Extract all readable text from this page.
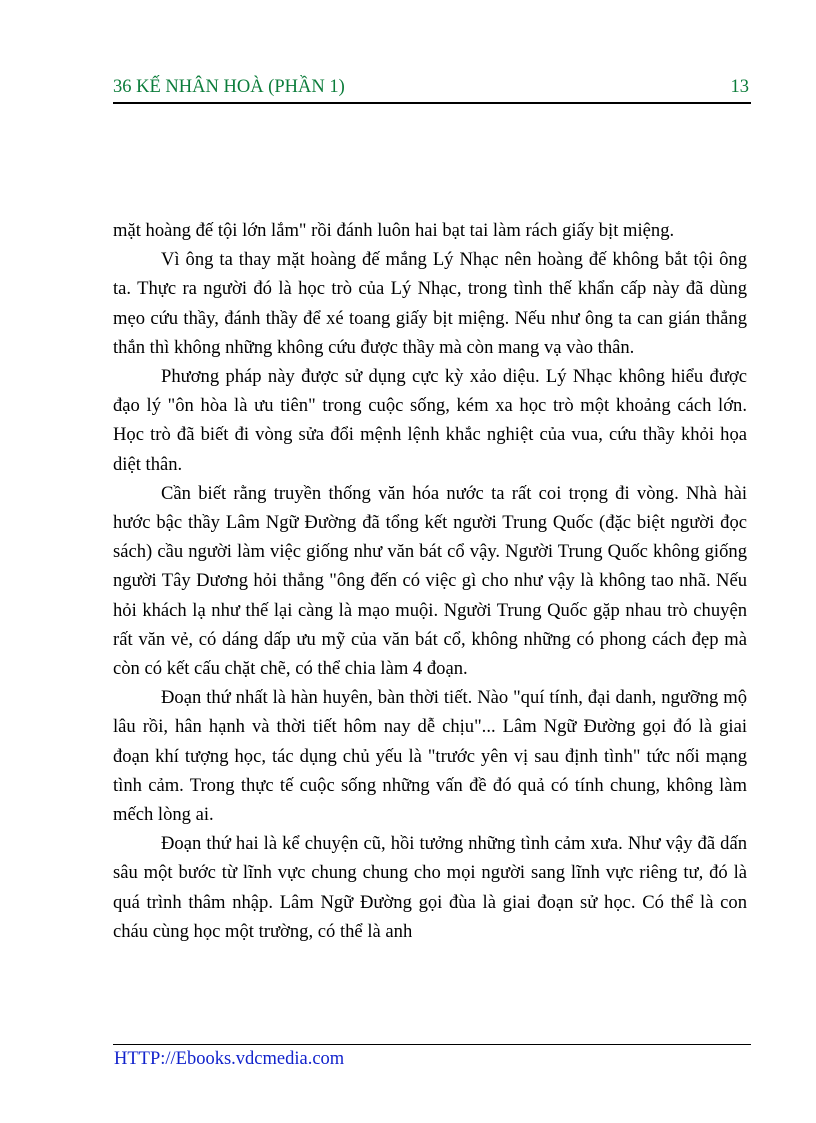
36 KẾ NHÂN HOÀ (PHẦN 1)	13

mặt hoàng đế tội lớn lắm" rồi đánh luôn hai bạt tai làm rách giấy bịt miệng.

Vì ông ta thay mặt hoàng đế mắng Lý Nhạc nên hoàng đế không bắt tội ông ta. Thực ra người đó là học trò của Lý Nhạc, trong tình thế khẩn cấp này đã dùng mẹo cứu thầy, đánh thầy để xé toang giấy bịt miệng. Nếu như ông ta can gián thẳng thắn thì không những không cứu được thầy mà còn mang vạ vào thân.

Phương pháp này được sử dụng cực kỳ xảo diệu. Lý Nhạc không hiểu được đạo lý "ôn hòa là ưu tiên" trong cuộc sống, kém xa học trò một khoảng cách lớn. Học trò đã biết đi vòng sửa đổi mệnh lệnh khắc nghiệt của vua, cứu thầy khỏi họa diệt thân.

Cần biết rằng truyền thống văn hóa nước ta rất coi trọng đi vòng. Nhà hài hước bậc thầy Lâm Ngữ Đường đã tổng kết người Trung Quốc (đặc biệt người đọc sách) cầu người làm việc giống như văn bát cổ vậy. Người Trung Quốc không giống người Tây Dương hỏi thẳng "ông đến có việc gì cho như vậy là không tao nhã. Nếu hỏi khách lạ như thế lại càng là mạo muội. Người Trung Quốc gặp nhau trò chuyện rất văn vẻ, có dáng dấp ưu mỹ của văn bát cổ, không những có phong cách đẹp mà còn có kết cấu chặt chẽ, có thể chia làm 4 đoạn.

Đoạn thứ nhất là hàn huyên, bàn thời tiết. Nào "quí tính, đại danh, ngưỡng mộ lâu rồi, hân hạnh và thời tiết hôm nay dễ chịu"... Lâm Ngữ Đường gọi đó là giai đoạn khí tượng học, tác dụng chủ yếu là "trước yên vị sau định tình" tức nối mạng tình cảm. Trong thực tế cuộc sống những vấn đề đó quả có tính chung, không làm mếch lòng ai.

Đoạn thứ hai là kể chuyện cũ, hồi tưởng những tình cảm xưa. Như vậy đã dấn sâu một bước từ lĩnh vực chung chung cho mọi người sang lĩnh vực riêng tư, đó là quá trình thâm nhập. Lâm Ngữ Đường gọi đùa là giai đoạn sử học. Có thể là con cháu cùng học một trường, có thể là anh

HTTP://Ebooks.vdcmedia.com
